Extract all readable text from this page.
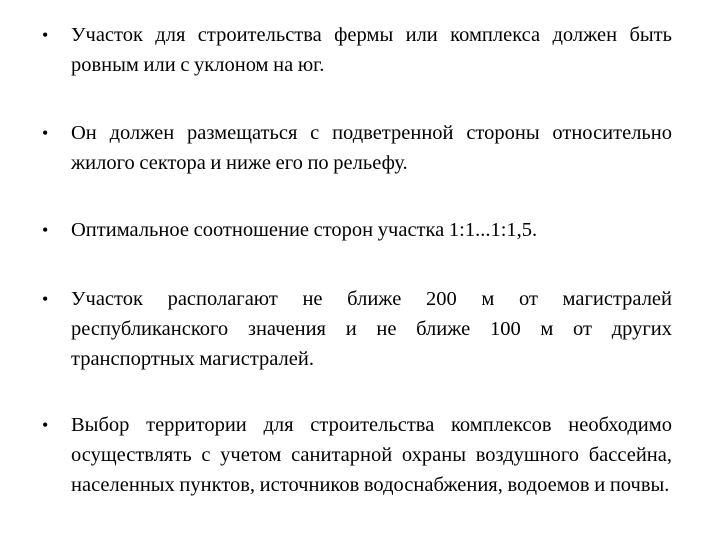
• Участок для строительства фермы или комплекса должен быть ровным или с уклоном на юг.

• Он должен размещаться с подветренной стороны относительно жилого сектора и ниже его по рельефу.

• Оптимальное соотношение сторон участка 1:1...1:1,5.

• Участок располагают не ближе 200 м от магистралей республиканского значения и не ближе 100 м от других транспортных магистралей.

• Выбор территории для строительства комплексов необходимо осуществлять с учетом санитарной охраны воздушного бассейна, населенных пунктов, источников водоснабжения, водоемов и почвы.
